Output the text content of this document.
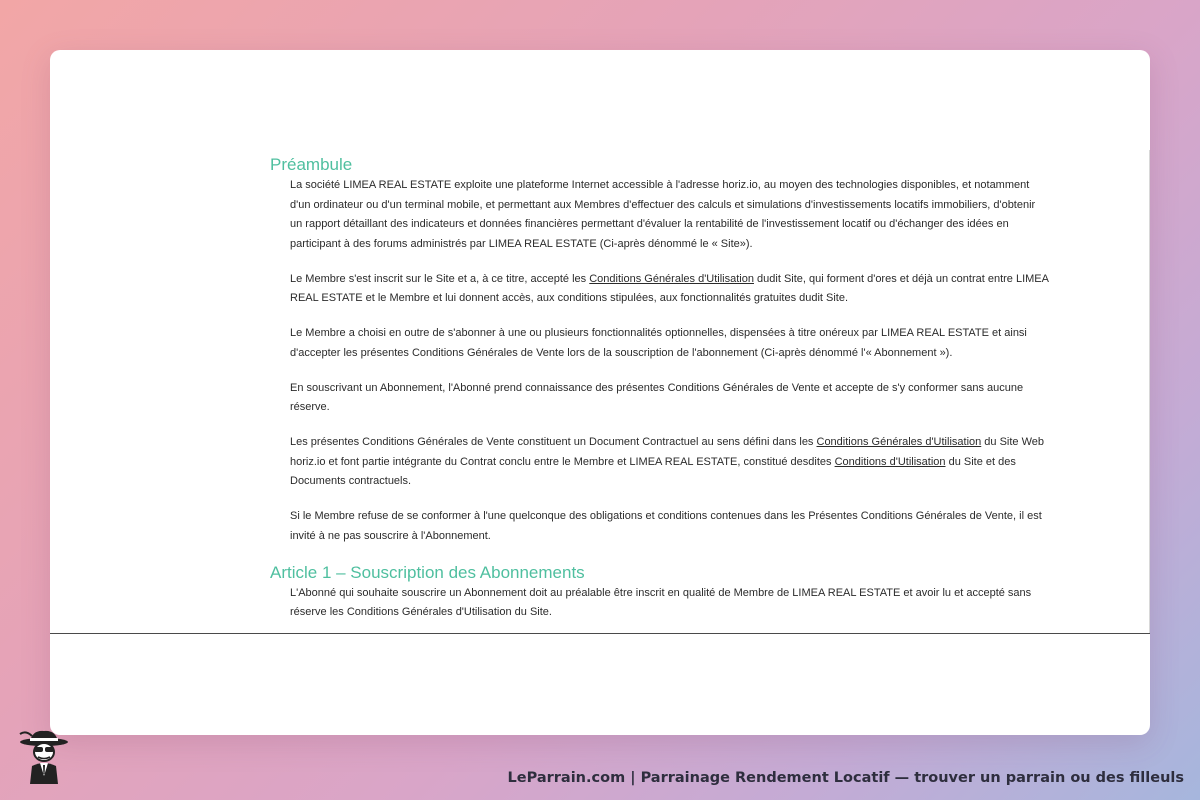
Préambule

La société LIMEA REAL ESTATE exploite une plateforme Internet accessible à l'adresse horiz.io, au moyen des technologies disponibles, et notamment d'un ordinateur ou d'un terminal mobile, et permettant aux Membres d'effectuer des calculs et simulations d'investissements locatifs immobiliers, d'obtenir un rapport détaillant des indicateurs et données financières permettant d'évaluer la rentabilité de l'investissement locatif ou d'échanger des idées en participant à des forums administrés par LIMEA REAL ESTATE (Ci-après dénommé le « Site»).

Le Membre s'est inscrit sur le Site et a, à ce titre, accepté les Conditions Générales d'Utilisation dudit Site, qui forment d'ores et déjà un contrat entre LIMEA REAL ESTATE et le Membre et lui donnent accès, aux conditions stipulées, aux fonctionnalités gratuites dudit Site.

Le Membre a choisi en outre de s'abonner à une ou plusieurs fonctionnalités optionnelles, dispensées à titre onéreux par LIMEA REAL ESTATE et ainsi d'accepter les présentes Conditions Générales de Vente lors de la souscription de l'abonnement (Ci-après dénommé l'« Abonnement »).

En souscrivant un Abonnement, l'Abonné prend connaissance des présentes Conditions Générales de Vente et accepte de s'y conformer sans aucune réserve.

Les présentes Conditions Générales de Vente constituent un Document Contractuel au sens défini dans les Conditions Générales d'Utilisation du Site Web horiz.io et font partie intégrante du Contrat conclu entre le Membre et LIMEA REAL ESTATE, constitué desdites Conditions d'Utilisation du Site et des Documents contractuels.

Si le Membre refuse de se conformer à l'une quelconque des obligations et conditions contenues dans les Présentes Conditions Générales de Vente, il est invité à ne pas souscrire à l'Abonnement.

Article 1 – Souscription des Abonnements

L'Abonné qui souhaite souscrire un Abonnement doit au préalable être inscrit en qualité de Membre de LIMEA REAL ESTATE et avoir lu et accepté sans réserve les Conditions Générales d'Utilisation du Site.

LeParrain.com | Parrainage Rendement Locatif — trouver un parrain ou des filleuls
